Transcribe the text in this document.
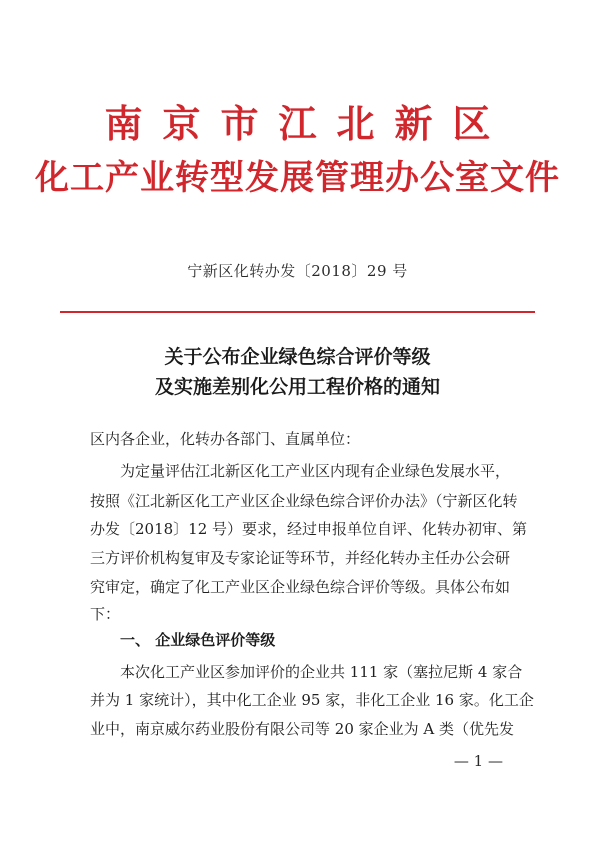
南京市江北新区
化工产业转型发展管理办公室文件
宁新区化转办发〔2018〕29 号
关于公布企业绿色综合评价等级
及实施差别化公用工程价格的通知
区内各企业，化转办各部门、直属单位：
为定量评估江北新区化工产业区内现有企业绿色发展水平，
按照《江北新区化工产业区企业绿色综合评价办法》（宁新区化转
办发〔2018〕12 号）要求，经过申报单位自评、化转办初审、第
三方评价机构复审及专家论证等环节，并经化转办主任办公会研
究审定，确定了化工产业区企业绿色综合评价等级。具体公布如
下：
一、 企业绿色评价等级
本次化工产业区参加评价的企业共 111 家（塞拉尼斯 4 家合
并为 1 家统计），其中化工企业 95 家，非化工企业 16 家。化工企
业中，南京威尔药业股份有限公司等 20 家企业为 A 类（优先发
— 1 —
